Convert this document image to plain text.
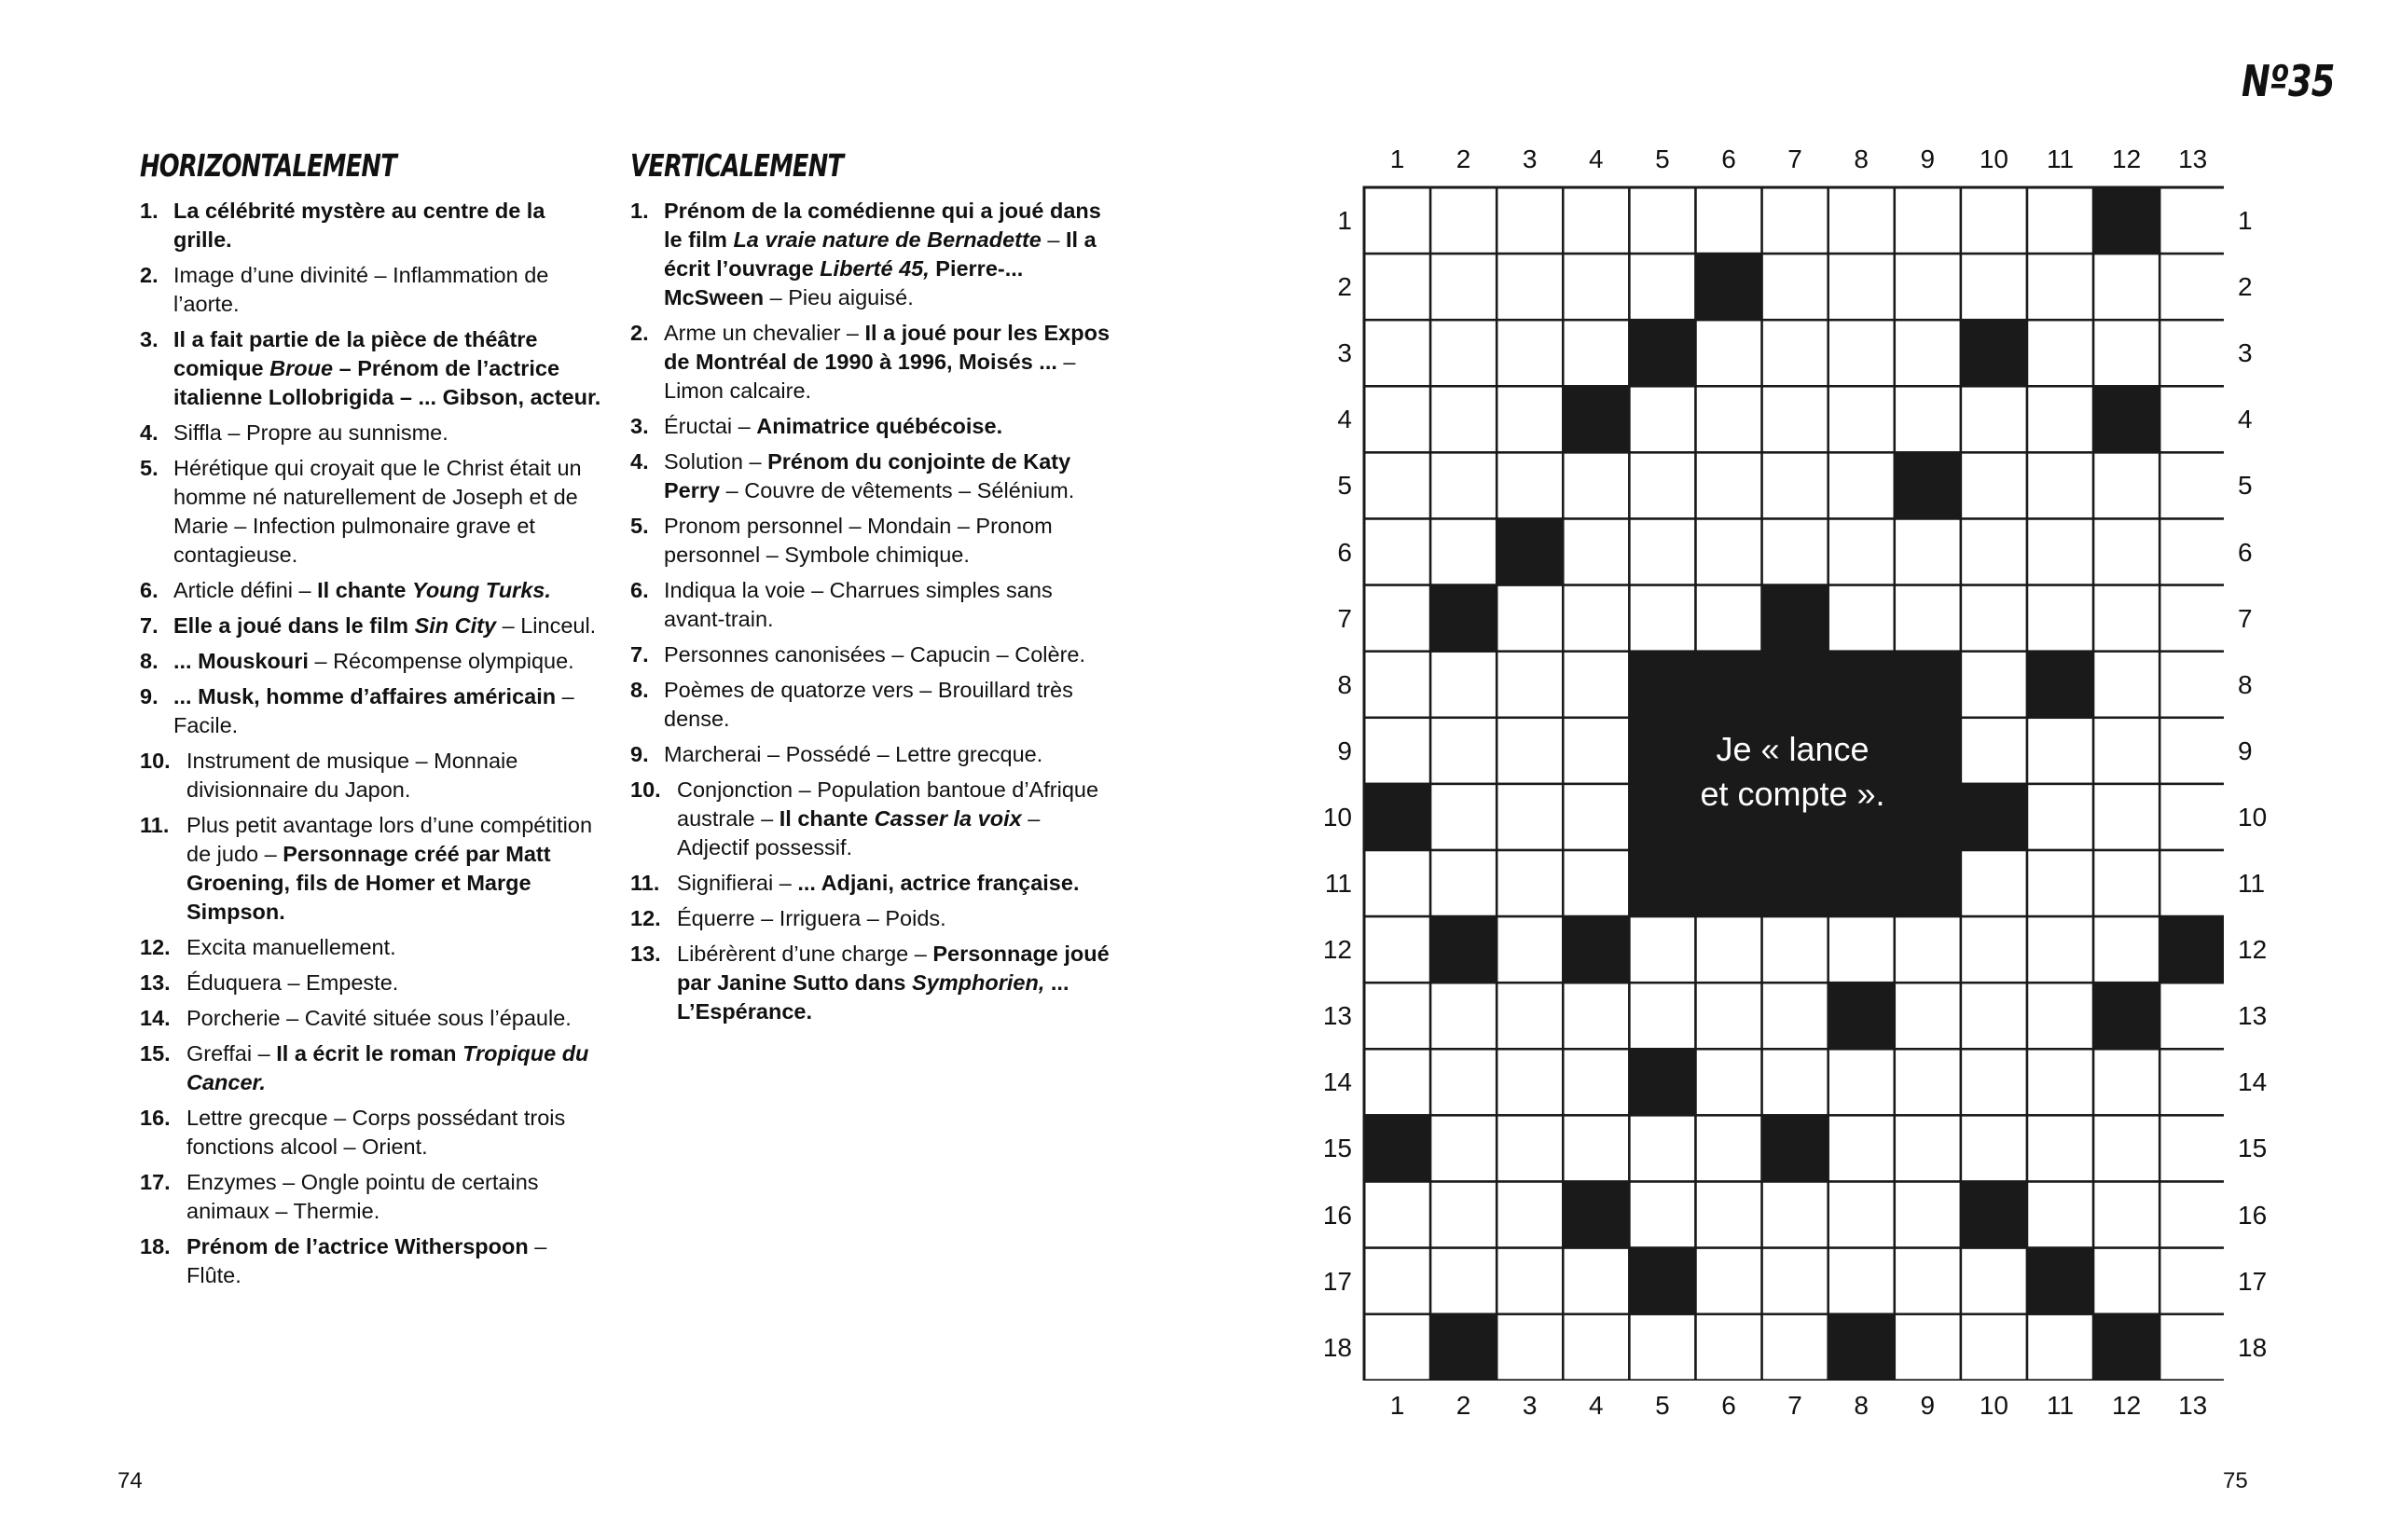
Nº35
HORIZONTALEMENT
1. La célébrité mystère au centre de la grille.
2. Image d’une divinité – Inflammation de l’aorte.
3. Il a fait partie de la pièce de théâtre comique Broue – Prénom de l’actrice italienne Lollobrigida – ... Gibson, acteur.
4. Siffla – Propre au sunnisme.
5. Hérétique qui croyait que le Christ était un homme né naturellement de Joseph et de Marie – Infection pulmonaire grave et contagieuse.
6. Article défini – Il chante Young Turks.
7. Elle a joué dans le film Sin City – Linceul.
8. ... Mouskouri – Récompense olympique.
9. ... Musk, homme d’affaires américain – Facile.
10. Instrument de musique – Monnaie divisionnaire du Japon.
11. Plus petit avantage lors d’une compétition de judo – Personnage créé par Matt Groening, fils de Homer et Marge Simpson.
12. Excita manuellement.
13. Éduquera – Empeste.
14. Porcherie – Cavité située sous l’épaule.
15. Greffai – Il a écrit le roman Tropique du Cancer.
16. Lettre grecque – Corps possédant trois fonctions alcool – Orient.
17. Enzymes – Ongle pointu de certains animaux – Thermie.
18. Prénom de l’actrice Witherspoon – Flûte.
VERTICALEMENT
1. Prénom de la comédienne qui a joué dans le film La vraie nature de Bernadette – Il a écrit l’ouvrage Liberté 45, Pierre-... McSween – Pieu aiguisé.
2. Arme un chevalier – Il a joué pour les Expos de Montréal de 1990 à 1996, Moisés ... – Limon calcaire.
3. Éructai – Animatrice québécoise.
4. Solution – Prénom du conjointe de Katy Perry – Couvre de vêtements – Sélénium.
5. Pronom personnel – Mondain – Pronom personnel – Symbole chimique.
6. Indiqua la voie – Charrues simples sans avant-train.
7. Personnes canonisées – Capucin – Colère.
8. Poèmes de quatorze vers – Brouillard très dense.
9. Marcherai – Possédé – Lettre grecque.
10. Conjonction – Population bantoue d’Afrique australe – Il chante Casser la voix – Adjectif possessif.
11. Signifierai – ... Adjani, actrice française.
12. Équerre – Irriguera – Poids.
13. Libérèrent d’une charge – Personnage joué par Janine Sutto dans Symphorien, ... L’Espérance.
1	2	3	4	5	6	7	8	9	10	11	12	13
1	2	3	4	5	6	7	8	9	10	11	12	13
1
2
3
4
5
6
7
8
9
10
11
12
13
14
15
16
17
18
1
2
3
4
5
6
7
8
9
10
11
12
13
14
15
16
17
18
Je « lance
et compte ».
74	75
